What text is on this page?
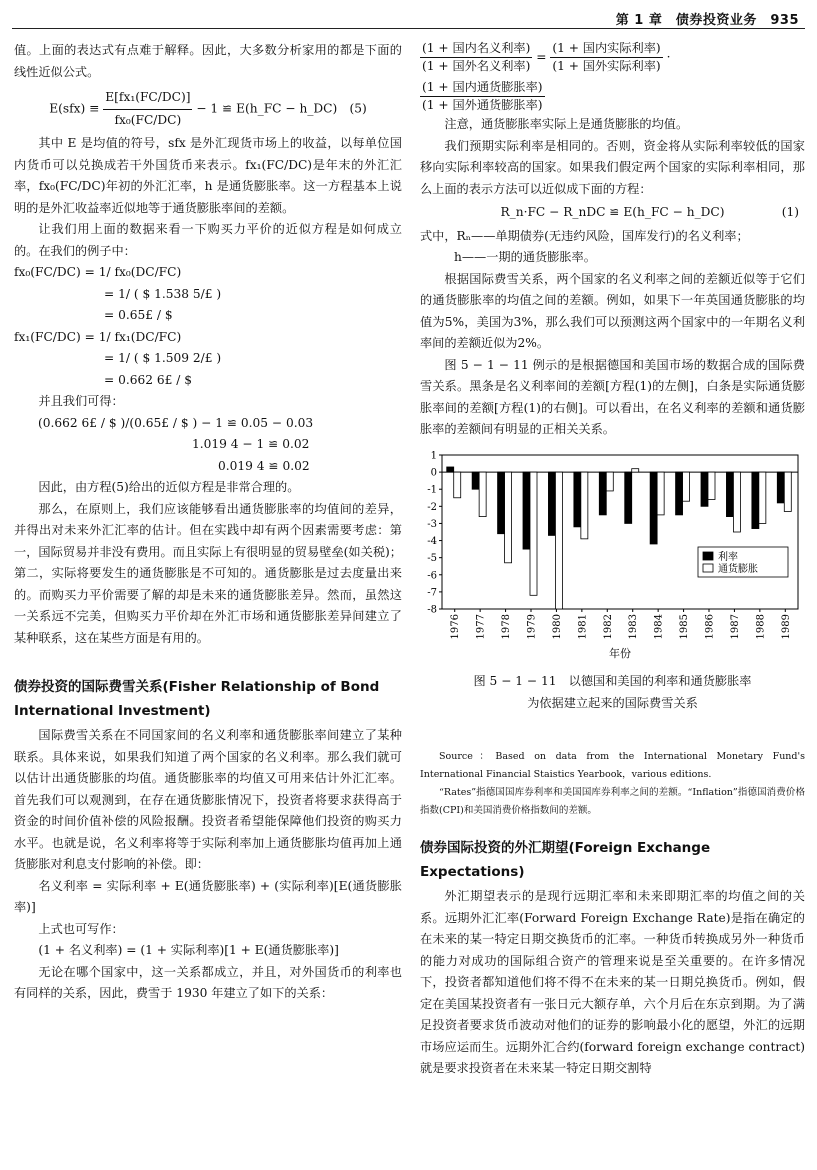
第 1 章　债券投资业务　935

值。上面的表达式有点难于解释。因此，大多数分析家用的都是下面的线性近似公式。

$E(sfx) \equiv \frac{\text{E[fx₁(FC/DC)]}}{\text{fx₀(FC/DC)}} - 1$ ≌ E(h_FC − h_DC)　(5)

其中 E 是均值的符号，sfx 是外汇现货市场上的收益，以每单位国内货币可以兑换成若干外国货币来表示。fx₁(FC/DC)是年末的外汇汇率，fx₀(FC/DC)年初的外汇汇率，h 是通货膨胀率。这一方程基本上说明的是外汇收益率近似地等于通货膨胀率间的差额。

让我们用上面的数据来看一下购买力平价的近似方程是如何成立的。在我们的例子中：

fx₀(FC/DC) = 1/ fx₀(DC/FC)
= 1/ ( $ 1.538 5/£ )
= 0.65£ / $
fx₁(FC/DC) = 1/ fx₁(DC/FC)
= 1/ ( $ 1.509 2/£ )
= 0.662 6£ / $

并且我们可得：

(0.662 6£ / $ )/(0.65£ / $ ) − 1 ≌ 0.05 − 0.03
1.019 4 − 1 ≌ 0.02
0.019 4 ≌ 0.02

因此，由方程(5)给出的近似方程是非常合理的。

那么，在原则上，我们应该能够看出通货膨胀率的均值间的差异，并得出对未来外汇汇率的估计。但在实践中却有两个因素需要考虑：第一，国际贸易并非没有费用。而且实际上有很明显的贸易壁垒(如关税)；第二，实际将要发生的通货膨胀是不可知的。通货膨胀是过去度量出来的。而购买力平价需要了解的却是未来的通货膨胀差异。然而，虽然这一关系远不完美，但购买力平价却在外汇市场和通货膨胀差异间建立了某种联系，这在某些方面是有用的。

债券投资的国际费雪关系(Fisher Relationship of Bond International Investment)

国际费雪关系在不同国家间的名义利率和通货膨胀率间建立了某种联系。具体来说，如果我们知道了两个国家的名义利率。那么我们就可以估计出通货膨胀的均值。通货膨胀率的均值又可用来估计外汇汇率。首先我们可以观测到，在存在通货膨胀情况下，投资者将要求获得高于资金的时间价值补偿的风险报酬。投资者希望能保障他们投资的购买力水平。也就是说，名义利率将等于实际利率加上通货膨胀均值再加上通货膨胀对利息支付影响的补偿。即：

名义利率 = 实际利率 + E(通货膨胀率) + (实际利率)[E(通货膨胀率)]

上式也可写作：

(1 + 名义利率) = (1 + 实际利率)[1 + E(通货膨胀率)]

无论在哪个国家中，这一关系都成立，并且，对外国货币的利率也有同样的关系，因此，费雪于 1930 年建立了如下的关系：

$\frac{\text{(1 + 国内名义利率)}}{\text{(1 + 国外名义利率)}} = \frac{\text{(1 + 国内实际利率)}}{\text{(1 + 国外实际利率)}}$ ·
$\frac{\text{(1 + 国内通货膨胀率)}}{\text{(1 + 国外通货膨胀率)}}$

注意，通货膨胀率实际上是通货膨胀的均值。

我们预期实际利率是相同的。否则，资金将从实际利率较低的国家移向实际利率较高的国家。如果我们假定两个国家的实际利率相同，那么上面的表示方法可以近似成下面的方程：

R_n·FC − R_nDC ≌ E(h_FC − h_DC)	(1)

式中，Rₙ——单期债券(无违约风险，国库发行)的名义利率；

h——一期的通货膨胀率。

根据国际费雪关系，两个国家的名义利率之间的差额近似等于它们的通货膨胀率的均值之间的差额。例如，如果下一年英国通货膨胀的均值为5%，美国为3%，那么我们可以预测这两个国家中的一年期名义利率间的差额近似为2%。

图 5 − 1 − 11 例示的是根据德国和美国市场的数据合成的国际费雪关系。黑条是名义利率间的差额[方程(1)的左侧]，白条是实际通货膨胀率间的差额[方程(1)的右侧]。可以看出，在名义利率的差额和通货膨胀率的差额间有明显的正相关关系。

1
0
-1
-2
-3
-4
-5
-6
-7
-8
1976 1977 1978 1979 1980 1981 1982 1983 1984 1985 1986 1987 1988 1989
年份
利率
通货膨胀
图 5 − 1 − 11　以德国和美国的利率和通货膨胀率
为依据建立起来的国际费雪关系

Source：Based on data from the International Monetary Fund's International Financial Staistics Yearbook，various editions.

“Rates”指德国国库券利率和美国国库券利率之间的差额。“Inflation”指德国消费价格指数(CPI)和美国消费价格指数间的差额。

债券国际投资的外汇期望(Foreign Exchange Expectations)

外汇期望表示的是现行远期汇率和未来即期汇率的均值之间的关系。远期外汇汇率(Forward Foreign Exchange Rate)是指在确定的在未来的某一特定日期交换货币的汇率。一种货币转换成另外一种货币的能力对成功的国际组合资产的管理来说是至关重要的。在许多情况下，投资者都知道他们将不得不在未来的某一日期兑换货币。例如，假定在美国某投资者有一张日元大额存单，六个月后在东京到期。为了满足投资者要求货币波动对他们的证券的影响最小化的愿望，外汇的远期市场应运而生。远期外汇合约(forward foreign exchange contract)就是要求投资者在未来某一特定日期交割特
